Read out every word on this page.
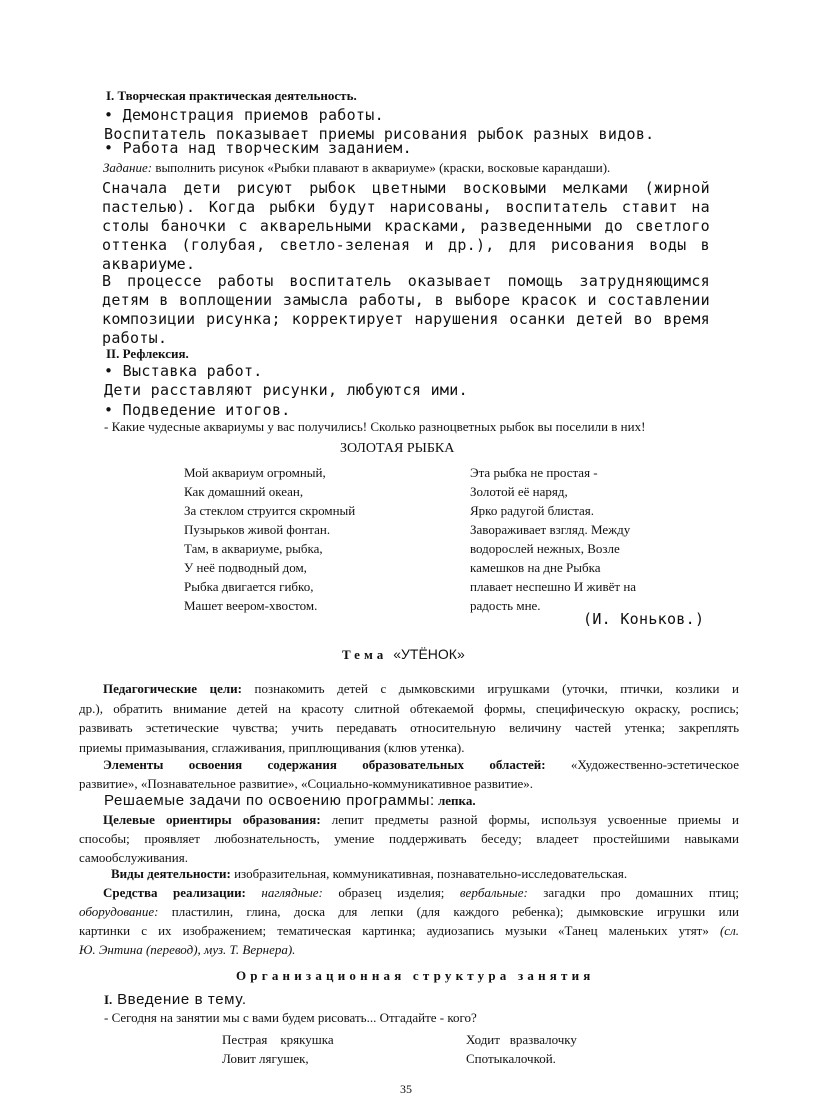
I. Творческая практическая деятельность.
• Демонстрация приемов работы.
Воспитатель показывает приемы рисования рыбок разных видов.
• Работа над творческим заданием.
Задание: выполнить рисунок «Рыбки плавают в аквариуме» (краски, восковые карандаши).
Сначала дети рисуют рыбок цветными восковыми мелками (жирной
пастелью). Когда рыбки будут нарисованы, воспитатель ставит на
столы баночки с акварельными красками, разведенными до светлого
оттенка (голубая, светло-зеленая и др.), для рисования воды в
аквариуме.
В процессе работы воспитатель оказывает помощь затрудняющимся
детям в воплощении замысла работы, в выборе красок и составлении
композиции рисунка; корректирует нарушения осанки детей во время
работы.
II. Рефлексия.
• Выставка работ.
Дети расставляют рисунки, любуются ими.
• Подведение итогов.
- Какие чудесные аквариумы у вас получились! Сколько разноцветных рыбок вы поселили в них!
ЗОЛОТАЯ РЫБКА
Мой аквариум огромный,
Как домашний океан,
За стеклом струится скромный
Пузырьков живой фонтан.
Там, в аквариуме, рыбка,
У неё подводный дом,
Рыбка двигается гибко,
Машет веером-хвостом.
Эта рыбка не простая -
Золотой её наряд,
Ярко радугой блистая.
Завораживает взгляд. Между
водорослей нежных, Возле
камешков на дне Рыбка
плавает неспешно И живёт на
радость мне.
(И. Коньков.)
Тема «УТЁНОК»
Педагогические цели: познакомить детей с дымковскими игрушками (уточки, птички, козлики и
др.), обратить внимание детей на красоту слитной обтекаемой формы, специфическую окраску, роспись;
развивать эстетические чувства; учить передавать относительную величину частей утенка; закреплять
приемы примазывания, сглаживания, приплющивания (клюв утенка).
Элементы освоения содержания образовательных областей: «Художественно-эстетическое
развитие», «Познавательное развитие», «Социально-коммуникативное развитие».
Решаемые задачи по освоению программы: лепка.
Целевые ориентиры образования: лепит предметы разной формы, используя усвоенные приемы и
способы; проявляет любознательность, умение поддерживать беседу; владеет простейшими навыками
самообслуживания.
Виды деятельности: изобразительная, коммуникативная, познавательно-исследовательская.
Средства реализации: наглядные: образец изделия; вербальные: загадки про домашних птиц;
оборудование: пластилин, глина, доска для лепки (для каждого ребенка); дымковские игрушки или
картинки с их изображением; тематическая картинка; аудиозапись музыки «Танец маленьких утят» (сл.
Ю. Энтина (перевод), муз. Т. Вернера).
Организационная структура занятия
I. Введение в тему.
- Сегодня на занятии мы с вами будем рисовать... Отгадайте - кого?
Пестрая    крякушка
Ловит лягушек,
Ходит   вразвалочку
Спотыкалочкой.
35
